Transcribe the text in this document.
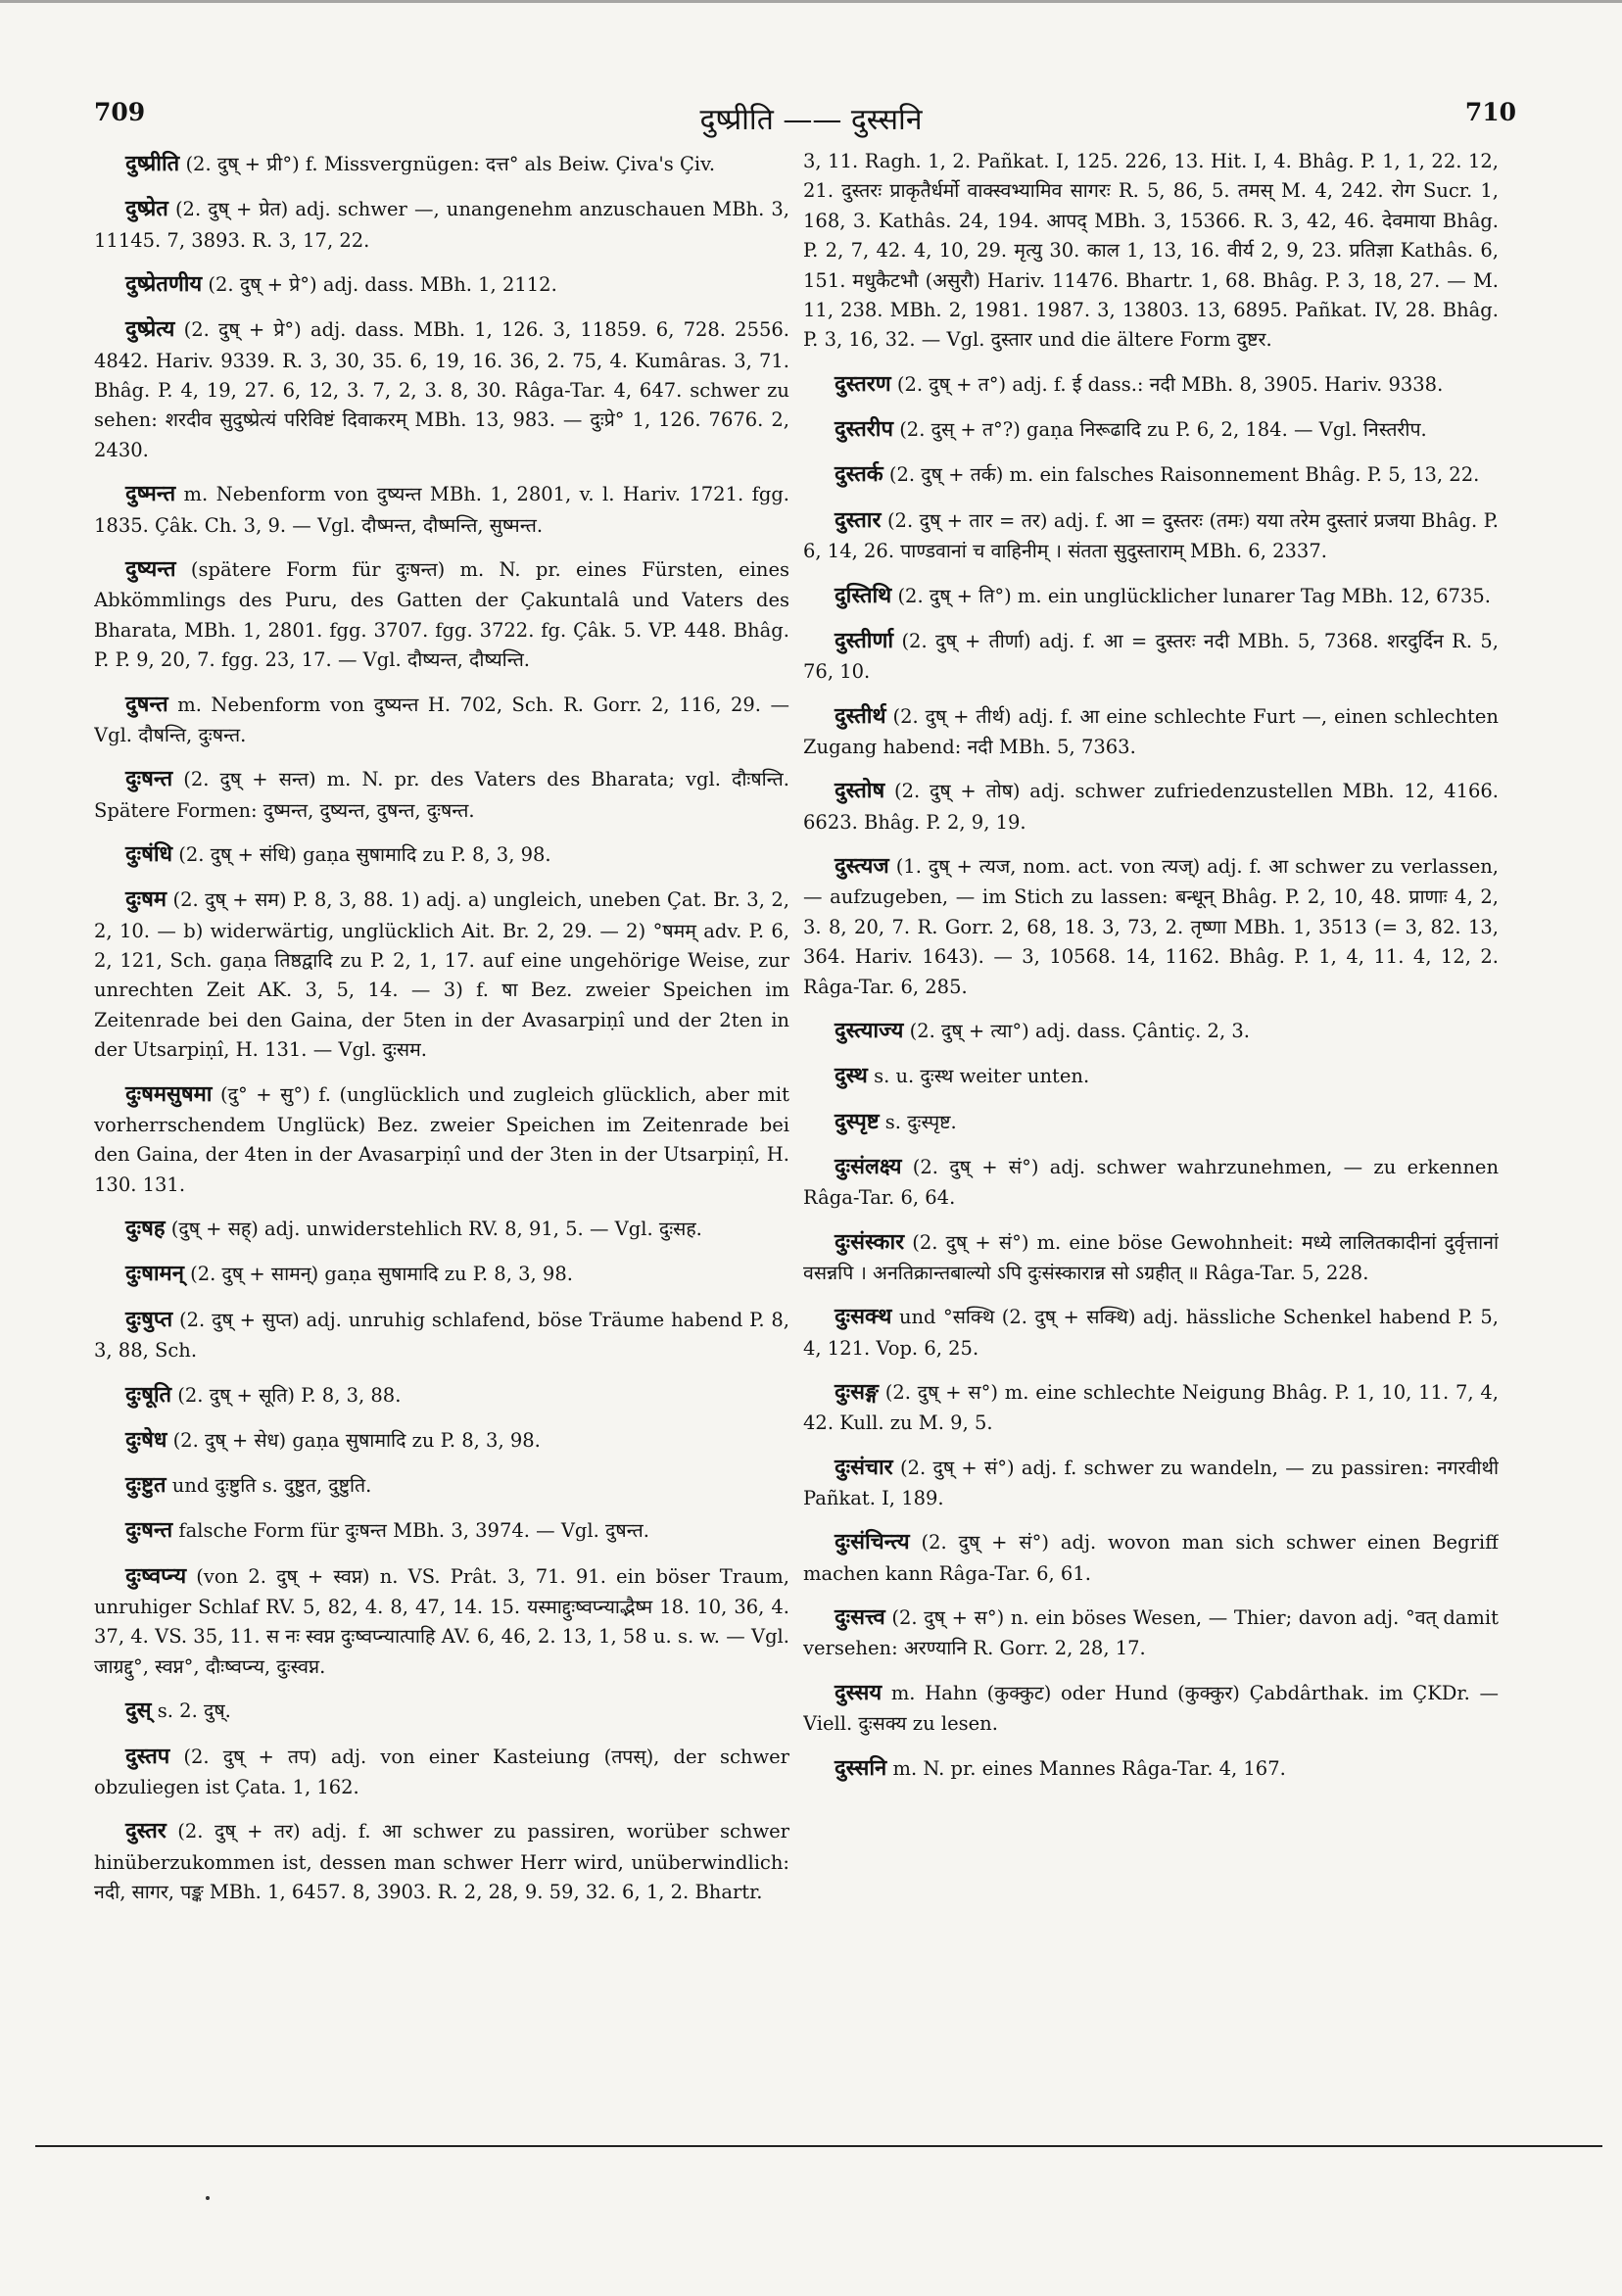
709	दुष्प्रीति —— दुस्सनि	710

दुष्प्रीति (2. दुष् + प्री°) f. Missvergnügen: दत्त° als Beiw. Çiva's Çiv.

दुष्प्रेत (2. दुष् + प्रेत) adj. schwer —, unangenehm anzuschauen MBh. 3, 11145. 7, 3893. R. 3, 17, 22.

दुष्प्रेतणीय (2. दुष् + प्रे°) adj. dass. MBh. 1, 2112.

दुष्प्रेत्य (2. दुष् + प्रे°) adj. dass. MBh. 1, 126. 3, 11859. 6, 728. 2556. 4842. Hariv. 9339. R. 3, 30, 35. 6, 19, 16. 36, 2. 75, 4. Kumâras. 3, 71. Bhâg. P. 4, 19, 27. 6, 12, 3. 7, 2, 3. 8, 30. Râga-Tar. 4, 647. schwer zu sehen: शरदीव सुदुष्प्रेत्यं परिविष्टं दिवाकरम् MBh. 13, 983. — दुःप्रे° 1, 126. 7676. 2, 2430.

दुष्मन्त m. Nebenform von दुष्यन्त MBh. 1, 2801, v. l. Hariv. 1721. fgg. 1835. Çâk. Ch. 3, 9. — Vgl. दौष्मन्त, दौष्मन्ति, सुष्मन्त.

दुष्यन्त (spätere Form für दुःषन्त) m. N. pr. eines Fürsten, eines Abkömmlings des Puru, des Gatten der Çakuntalâ und Vaters des Bharata, MBh. 1, 2801. fgg. 3707. fgg. 3722. fg. Çâk. 5. VP. 448. Bhâg. P. P. 9, 20, 7. fgg. 23, 17. — Vgl. दौष्यन्त, दौष्यन्ति.

दुषन्त m. Nebenform von दुष्यन्त H. 702, Sch. R. Gorr. 2, 116, 29. — Vgl. दौषन्ति, दुःषन्त.

दुःषन्त (2. दुष् + सन्त) m. N. pr. des Vaters des Bharata; vgl. दौःषन्ति. Spätere Formen: दुष्मन्त, दुष्यन्त, दुषन्त, दुःषन्त.

दुःषंधि (2. दुष् + संधि) gaṇa सुषामादि zu P. 8, 3, 98.

दुःषम (2. दुष् + सम) P. 8, 3, 88. 1) adj. a) ungleich, uneben Çat. Br. 3, 2, 2, 10. — b) widerwärtig, unglücklich Ait. Br. 2, 29. — 2) °षमम् adv. P. 6, 2, 121, Sch. gaṇa तिष्ठद्वादि zu P. 2, 1, 17. auf eine ungehörige Weise, zur unrechten Zeit AK. 3, 5, 14. — 3) f. षा Bez. zweier Speichen im Zeitenrade bei den Gaina, der 5ten in der Avasarpiṇî und der 2ten in der Utsarpiṇî, H. 131. — Vgl. दुःसम.

दुःषमसुषमा (दु° + सु°) f. (unglücklich und zugleich glücklich, aber mit vorherrschendem Unglück) Bez. zweier Speichen im Zeitenrade bei den Gaina, der 4ten in der Avasarpiṇî und der 3ten in der Utsarpiṇî, H. 130. 131.

दुःषह (दुष् + सह्) adj. unwiderstehlich RV. 8, 91, 5. — Vgl. दुःसह.

दुःषामन् (2. दुष् + सामन्) gaṇa सुषामादि zu P. 8, 3, 98.

दुःषुप्त (2. दुष् + सुप्त) adj. unruhig schlafend, böse Träume habend P. 8, 3, 88, Sch.

दुःषूति (2. दुष् + सूति) P. 8, 3, 88.

दुःषेध (2. दुष् + सेध) gaṇa सुषामादि zu P. 8, 3, 98.

दुःष्टुत und दुःष्टुति s. दुष्टुत, दुष्टुति.

दुःषन्त falsche Form für दुःषन्त MBh. 3, 3974. — Vgl. दुषन्त.

दुःष्वप्न्य (von 2. दुष् + स्वप्न) n. VS. Prât. 3, 71. 91. ein böser Traum, unruhiger Schlaf RV. 5, 82, 4. 8, 47, 14. 15. यस्माद्दुःष्वप्न्याद्भैष्म 18. 10, 36, 4. 37, 4. VS. 35, 11. स नः स्वप्न दुःष्वप्न्यात्पाहि AV. 6, 46, 2. 13, 1, 58 u. s. w. — Vgl. जाग्रद्दु°, स्वप्न°, दौःष्वप्न्य, दुःस्वप्न.

दुस् s. 2. दुष्.

दुस्तप (2. दुष् + तप) adj. von einer Kasteiung (तपस्), der schwer obzuliegen ist Çata. 1, 162.

दुस्तर (2. दुष् + तर) adj. f. आ schwer zu passiren, worüber schwer hinüberzukommen ist, dessen man schwer Herr wird, unüberwindlich: नदी, सागर, पङ्क MBh. 1, 6457. 8, 3903. R. 2, 28, 9. 59, 32. 6, 1, 2. Bhartr.

3, 11. Ragh. 1, 2. Pañkat. I, 125. 226, 13. Hit. I, 4. Bhâg. P. 1, 1, 22. 12, 21. दुस्तरः प्राकृतैर्धर्मो वाक्स्वभ्यामिव सागरः R. 5, 86, 5. तमस् M. 4, 242. रोग Sucr. 1, 168, 3. Kathâs. 24, 194. आपद् MBh. 3, 15366. R. 3, 42, 46. देवमाया Bhâg. P. 2, 7, 42. 4, 10, 29. मृत्यु 30. काल 1, 13, 16. वीर्य 2, 9, 23. प्रतिज्ञा Kathâs. 6, 151. मधुकैटभौ (असुरौ) Hariv. 11476. Bhartr. 1, 68. Bhâg. P. 3, 18, 27. — M. 11, 238. MBh. 2, 1981. 1987. 3, 13803. 13, 6895. Pañkat. IV, 28. Bhâg. P. 3, 16, 32. — Vgl. दुस्तार und die ältere Form दुष्टर.

दुस्तरण (2. दुष् + त°) adj. f. ई dass.: नदी MBh. 8, 3905. Hariv. 9338.

दुस्तरीप (2. दुस् + त°?) gaṇa निरूढादि zu P. 6, 2, 184. — Vgl. निस्तरीप.

दुस्तर्क (2. दुष् + तर्क) m. ein falsches Raisonnement Bhâg. P. 5, 13, 22.

दुस्तार (2. दुष् + तार = तर) adj. f. आ = दुस्तरः (तमः) यया तरेम दुस्तारं प्रजया Bhâg. P. 6, 14, 26. पाण्डवानां च वाहिनीम् । संतता सुदुस्ताराम् MBh. 6, 2337.

दुस्तिथि (2. दुष् + ति°) m. ein unglücklicher lunarer Tag MBh. 12, 6735.

दुस्तीर्णा (2. दुष् + तीर्णा) adj. f. आ = दुस्तरः नदी MBh. 5, 7368. शरदुर्दिन R. 5, 76, 10.

दुस्तीर्थ (2. दुष् + तीर्थ) adj. f. आ eine schlechte Furt —, einen schlechten Zugang habend: नदी MBh. 5, 7363.

दुस्तोष (2. दुष् + तोष) adj. schwer zufriedenzustellen MBh. 12, 4166. 6623. Bhâg. P. 2, 9, 19.

दुस्त्यज (1. दुष् + त्यज, nom. act. von त्यज्) adj. f. आ schwer zu verlassen, — aufzugeben, — im Stich zu lassen: बन्धून् Bhâg. P. 2, 10, 48. प्राणाः 4, 2, 3. 8, 20, 7. R. Gorr. 2, 68, 18. 3, 73, 2. तृष्णा MBh. 1, 3513 (= 3, 82. 13, 364. Hariv. 1643). — 3, 10568. 14, 1162. Bhâg. P. 1, 4, 11. 4, 12, 2. Râga-Tar. 6, 285.

दुस्त्याज्य (2. दुष् + त्या°) adj. dass. Çântiç. 2, 3.

दुस्थ s. u. दुःस्थ weiter unten.

दुस्पृष्ट s. दुःस्पृष्ट.

दुःसंलक्ष्य (2. दुष् + सं°) adj. schwer wahrzunehmen, — zu erkennen Râga-Tar. 6, 64.

दुःसंस्कार (2. दुष् + सं°) m. eine böse Gewohnheit: मध्ये लालितकादीनां दुर्वृत्तानां वसन्नपि । अनतिक्रान्तबाल्यो ऽपि दुःसंस्कारान्न सो ऽग्रहीत् ॥ Râga-Tar. 5, 228.

दुःसक्थ und °सक्थि (2. दुष् + सक्थि) adj. hässliche Schenkel habend P. 5, 4, 121. Vop. 6, 25.

दुःसङ्ग (2. दुष् + स°) m. eine schlechte Neigung Bhâg. P. 1, 10, 11. 7, 4, 42. Kull. zu M. 9, 5.

दुःसंचार (2. दुष् + सं°) adj. f. schwer zu wandeln, — zu passiren: नगरवीथी Pañkat. I, 189.

दुःसंचिन्त्य (2. दुष् + सं°) adj. wovon man sich schwer einen Begriff machen kann Râga-Tar. 6, 61.

दुःसत्त्व (2. दुष् + स°) n. ein böses Wesen, — Thier; davon adj. °वत् damit versehen: अरण्यानि R. Gorr. 2, 28, 17.

दुस्सय m. Hahn (कुक्कुट) oder Hund (कुक्कुर) Çabdârthak. im ÇKDr. — Viell. दुःसक्य zu lesen.

दुस्सनि m. N. pr. eines Mannes Râga-Tar. 4, 167.
